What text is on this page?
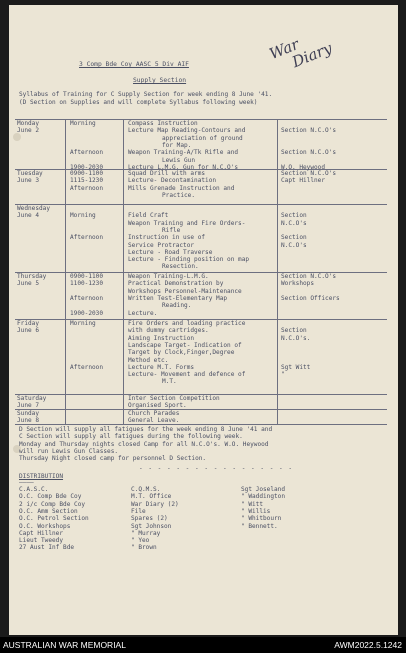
War
Diary
3 Comp Bde Coy AASC 5 Div AIF
Supply Section
Syllabus of Training for C Supply Section for week ending 8 June '41.
(D Section on Supplies and will complete Syllabus following week)
Monday
June 2
Morning
Afternoon
1900-2030
Compass Instruction
Lecture Map Reading-Contours and
appreciation of ground
for Map.
Weapon Training-A/Tk Rifle and
Lewis Gun
Lecture L.M.G. Gun for N.C.O's
Section N.C.O's
Section N.C.O's
W.O. Heywood
Tuesday
June 3
0900-1100
1115-1230
Afternoon
Squad Drill with arms
Lecture- Decontamination
Mills Grenade Instruction and
Practice.
Section N.C.O's
Capt Hillner
Wednesday
June 4	Morning
Afternoon
Field Craft
Weapon Training and Fire Orders-
Rifle
Instruction in use of
Service Protractor
Lecture - Road Traverse
Lecture - Finding position on map
Resection.
Section
N.C.O's
Section
N.C.O's
Thursday
June 5
0900-1100
1100-1230
Afternoon
1900-2030
Weapon Training-L.M.G.
Practical Demonstration by
Workshops Personnel-Maintenance
Written Test-Elementary Map
Reading.
Lecture.
Section N.C.O's
Workshops
Section Officers
Friday
June 6
Morning
Afternoon
Fire Orders and loading practice
with dummy cartridges.
Aiming Instruction
Landscape Target- Indication of
Target by Clock,Finger,Degree
Method etc.
Lecture M.T. Forms
Lecture- Movement and defence of
M.T.
Section
N.C.O's.
Sgt Witt
"
Saturday
June 7
Inter Section Competition
Organised Sport.
Sunday
June 8
Church Parades
General Leave.
D Section will supply all fatigues for the week ending 8 June '41 and
C Section will supply all fatigues during the following week.
Monday and Thursday nights closed Camp for all N.C.O's. W.O. Heywood
will run Lewis Gun Classes.
Thursday Night closed camp for personnel D Section.
DISTRIBUTION
————
- - - - - - - - - - - - - - - - -
C.A.S.C.
O.C. Comp Bde Coy
2 i/c Comp Bde Coy
O.C. Amm Section
O.C. Petrol Section
O.C. Workshops
Capt Hillner
Lieut Tweedy
27 Aust Inf Bde
C.Q.M.S.
M.T. Office
War Diary (2)
File
Spares (2)
Sgt Johnson
" Murray
" Yeo
" Brown
Sgt Joseland
" Waddington
" Witt
" Willis
" Whitbourn
" Bennett.
AUSTRALIAN WAR MEMORIAL	AWM2022.5.1242
